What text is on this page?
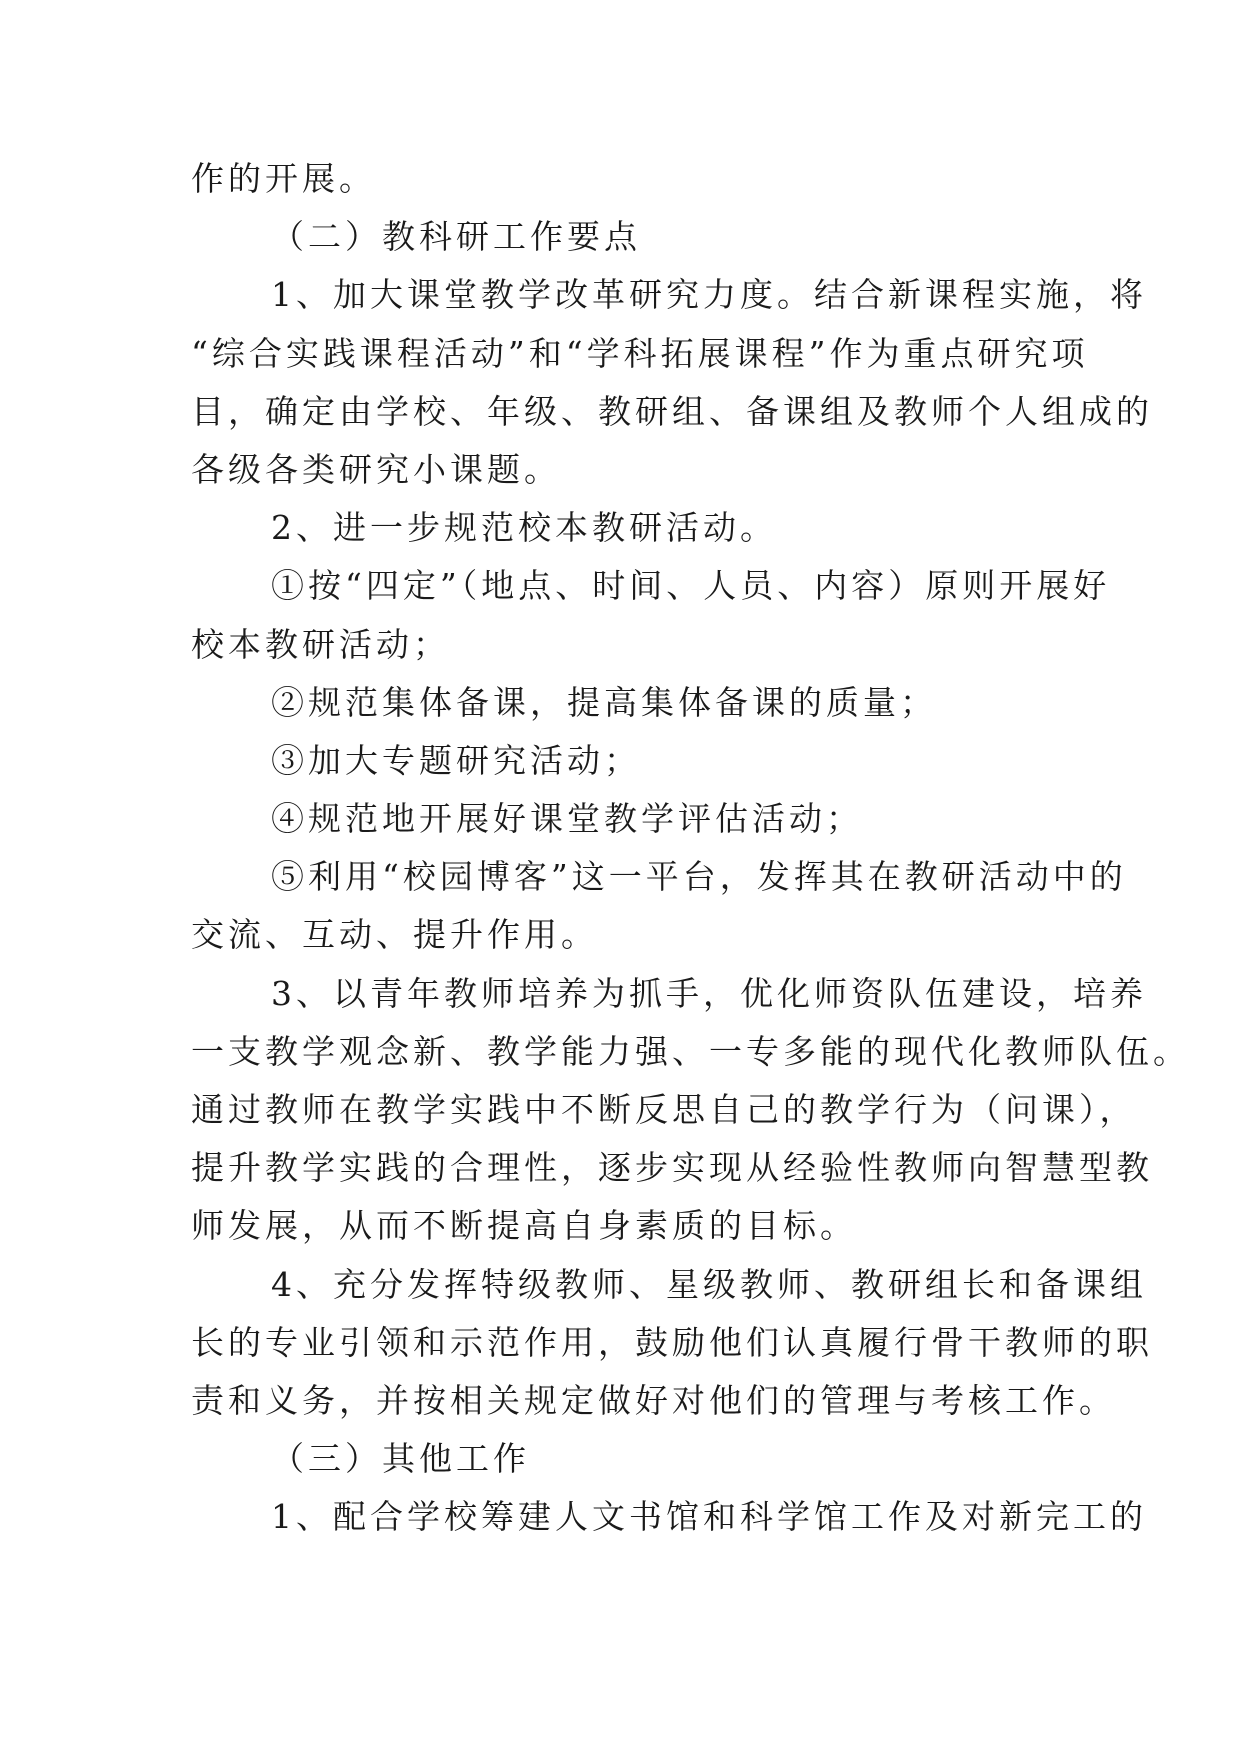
作的开展。
（二）教科研工作要点
1、加大课堂教学改革研究力度。结合新课程实施，将
“综合实践课程活动”和“学科拓展课程”作为重点研究项
目，确定由学校、年级、教研组、备课组及教师个人组成的
各级各类研究小课题。
2、进一步规范校本教研活动。
①按“四定”（地点、时间、人员、内容）原则开展好
校本教研活动；
②规范集体备课，提高集体备课的质量；
③加大专题研究活动；
④规范地开展好课堂教学评估活动；
⑤利用“校园博客”这一平台，发挥其在教研活动中的
交流、互动、提升作用。
3、以青年教师培养为抓手，优化师资队伍建设，培养
一支教学观念新、教学能力强、一专多能的现代化教师队伍。
通过教师在教学实践中不断反思自己的教学行为（问课），
提升教学实践的合理性，逐步实现从经验性教师向智慧型教
师发展，从而不断提高自身素质的目标。
4、充分发挥特级教师、星级教师、教研组长和备课组
长的专业引领和示范作用，鼓励他们认真履行骨干教师的职
责和义务，并按相关规定做好对他们的管理与考核工作。
（三）其他工作
1、配合学校筹建人文书馆和科学馆工作及对新完工的
